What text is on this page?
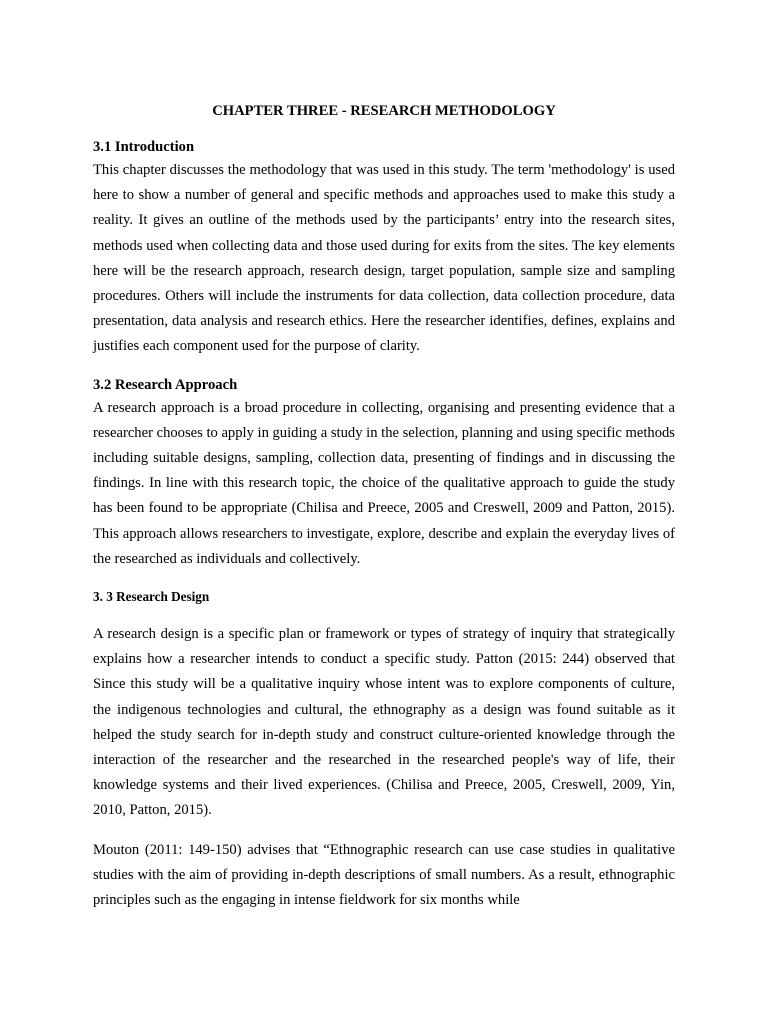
CHAPTER THREE - RESEARCH METHODOLOGY
3.1 Introduction

This chapter discusses the methodology that was used in this study. The term 'methodology' is used here to show a number of general and specific methods and approaches used to make this study a reality. It gives an outline of the methods used by the participants’ entry into the research sites, methods used when collecting data and those used during for exits from the sites. The key elements here will be the research approach, research design, target population, sample size and sampling procedures. Others will include the instruments for data collection, data collection procedure, data presentation, data analysis and research ethics. Here the researcher identifies, defines, explains and justifies each component used for the purpose of clarity.

3.2 Research Approach

A research approach is a broad procedure in collecting, organising and presenting evidence that a researcher chooses to apply in guiding a study in the selection, planning and using specific methods including suitable designs, sampling, collection data, presenting of findings and in discussing the findings. In line with this research topic, the choice of the qualitative approach to guide the study has been found to be appropriate (Chilisa and Preece, 2005 and Creswell, 2009 and Patton, 2015). This approach allows researchers to investigate, explore, describe and explain the everyday lives of the researched as individuals and collectively.

3. 3 Research Design

A research design is a specific plan or framework or types of strategy of inquiry that strategically explains how a researcher intends to conduct a specific study. Patton (2015: 244) observed that Since this study will be a qualitative inquiry whose intent was to explore components of culture, the indigenous technologies and cultural, the ethnography as a design was found suitable as it helped the study search for in-depth study and construct culture-oriented knowledge through the interaction of the researcher and the researched in the researched people's way of life, their knowledge systems and their lived experiences. (Chilisa and Preece, 2005, Creswell, 2009, Yin, 2010, Patton, 2015).

Mouton (2011: 149-150) advises that “Ethnographic research can use case studies in qualitative studies with the aim of providing in-depth descriptions of small numbers. As a result, ethnographic principles such as the engaging in intense fieldwork for six months while
